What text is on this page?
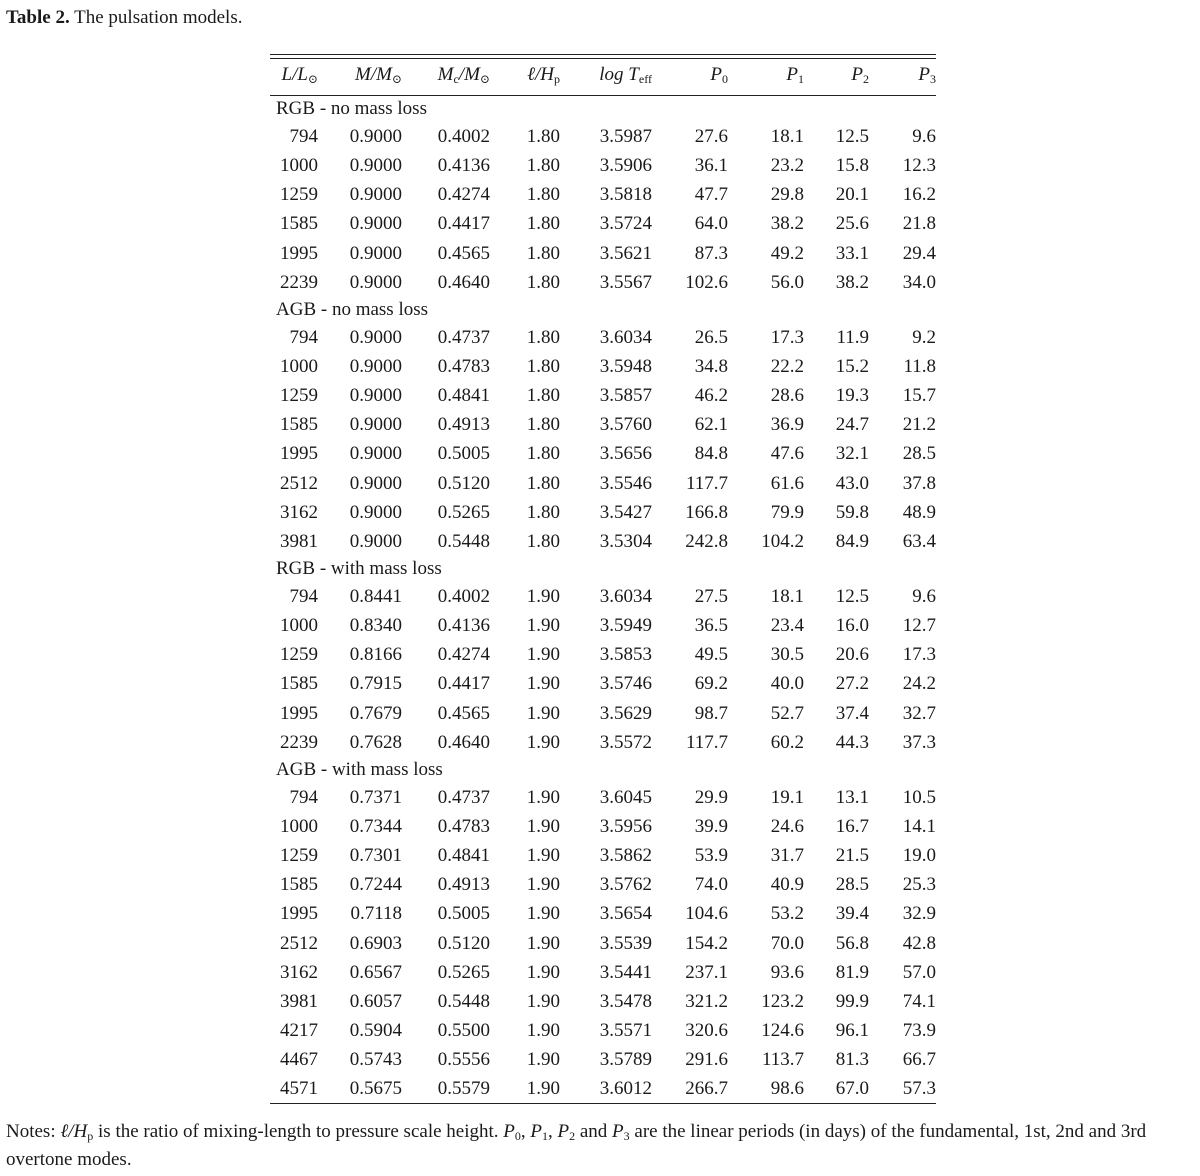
Table 2. The pulsation models.
$L/L_⊙$	$M/M_⊙$	$M_c/M_⊙$	$\ell/H_p$	$\log T_{eff}$	$P_0$	$P_1$	$P_2$	$P_3$

RGB - no mass loss								
794	0.9000	0.4002	1.80	3.5987	27.6	18.1	12.5	9.6
1000	0.9000	0.4136	1.80	3.5906	36.1	23.2	15.8	12.3
1259	0.9000	0.4274	1.80	3.5818	47.7	29.8	20.1	16.2
1585	0.9000	0.4417	1.80	3.5724	64.0	38.2	25.6	21.8
1995	0.9000	0.4565	1.80	3.5621	87.3	49.2	33.1	29.4
2239	0.9000	0.4640	1.80	3.5567	102.6	56.0	38.2	34.0
AGB - no mass loss								
794	0.9000	0.4737	1.80	3.6034	26.5	17.3	11.9	9.2
1000	0.9000	0.4783	1.80	3.5948	34.8	22.2	15.2	11.8
1259	0.9000	0.4841	1.80	3.5857	46.2	28.6	19.3	15.7
1585	0.9000	0.4913	1.80	3.5760	62.1	36.9	24.7	21.2
1995	0.9000	0.5005	1.80	3.5656	84.8	47.6	32.1	28.5
2512	0.9000	0.5120	1.80	3.5546	117.7	61.6	43.0	37.8
3162	0.9000	0.5265	1.80	3.5427	166.8	79.9	59.8	48.9
3981	0.9000	0.5448	1.80	3.5304	242.8	104.2	84.9	63.4
RGB - with mass loss								
794	0.8441	0.4002	1.90	3.6034	27.5	18.1	12.5	9.6
1000	0.8340	0.4136	1.90	3.5949	36.5	23.4	16.0	12.7
1259	0.8166	0.4274	1.90	3.5853	49.5	30.5	20.6	17.3
1585	0.7915	0.4417	1.90	3.5746	69.2	40.0	27.2	24.2
1995	0.7679	0.4565	1.90	3.5629	98.7	52.7	37.4	32.7
2239	0.7628	0.4640	1.90	3.5572	117.7	60.2	44.3	37.3
AGB - with mass loss								
794	0.7371	0.4737	1.90	3.6045	29.9	19.1	13.1	10.5
1000	0.7344	0.4783	1.90	3.5956	39.9	24.6	16.7	14.1
1259	0.7301	0.4841	1.90	3.5862	53.9	31.7	21.5	19.0
1585	0.7244	0.4913	1.90	3.5762	74.0	40.9	28.5	25.3
1995	0.7118	0.5005	1.90	3.5654	104.6	53.2	39.4	32.9
2512	0.6903	0.5120	1.90	3.5539	154.2	70.0	56.8	42.8
3162	0.6567	0.5265	1.90	3.5441	237.1	93.6	81.9	57.0
3981	0.6057	0.5448	1.90	3.5478	321.2	123.2	99.9	74.1
4217	0.5904	0.5500	1.90	3.5571	320.6	124.6	96.1	73.9
4467	0.5743	0.5556	1.90	3.5789	291.6	113.7	81.3	66.7
4571	0.5675	0.5579	1.90	3.6012	266.7	98.6	67.0	57.3
Notes: $\ell/H_p$ is the ratio of mixing-length to pressure scale height. $P_0$, $P_1$, $P_2$ and $P_3$ are the linear periods (in days) of the fundamental, 1st, 2nd and 3rd overtone modes.
